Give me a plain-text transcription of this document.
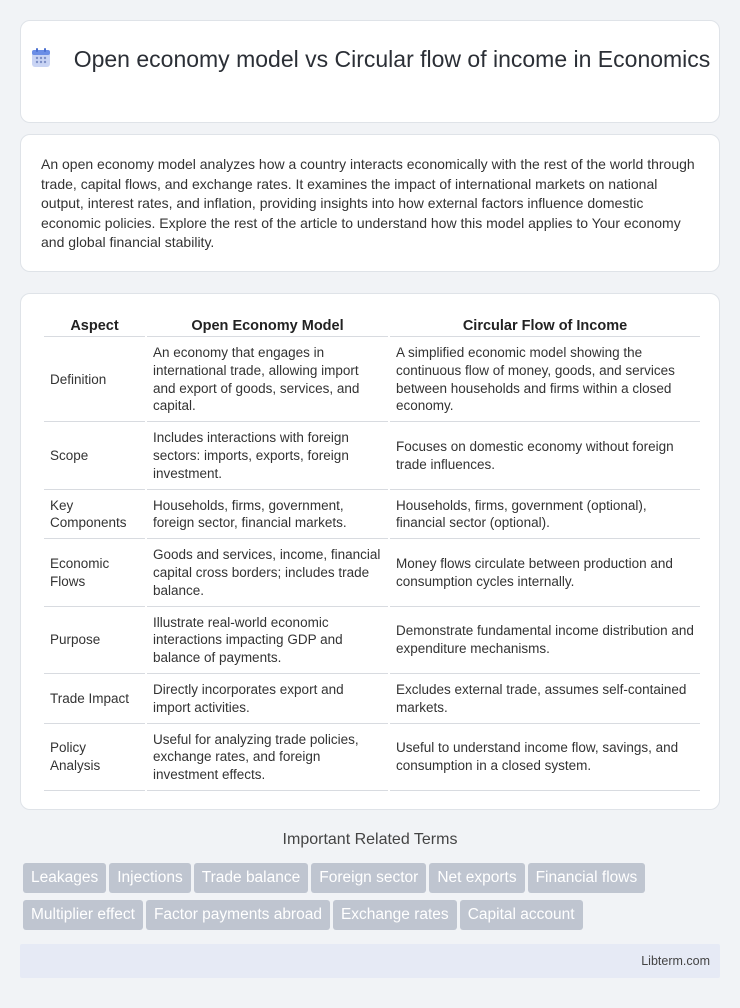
Open economy model vs Circular flow of income in Economics

An open economy model analyzes how a country interacts economically with the rest of the world through trade, capital flows, and exchange rates. It examines the impact of international markets on national output, interest rates, and inflation, providing insights into how external factors influence domestic economic policies. Explore the rest of the article to understand how this model applies to Your economy and global financial stability.

Aspect	Open Economy Model	Circular Flow of Income
Definition	An economy that engages in international trade, allowing import and export of goods, services, and capital.	A simplified economic model showing the continuous flow of money, goods, and services between households and firms within a closed economy.
Scope	Includes interactions with foreign sectors: imports, exports, foreign investment.	Focuses on domestic economy without foreign trade influences.
Key Components	Households, firms, government, foreign sector, financial markets.	Households, firms, government (optional), financial sector (optional).
Economic Flows	Goods and services, income, financial capital cross borders; includes trade balance.	Money flows circulate between production and consumption cycles internally.
Purpose	Illustrate real-world economic interactions impacting GDP and balance of payments.	Demonstrate fundamental income distribution and expenditure mechanisms.
Trade Impact	Directly incorporates export and import activities.	Excludes external trade, assumes self-contained markets.
Policy Analysis	Useful for analyzing trade policies, exchange rates, and foreign investment effects.	Useful to understand income flow, savings, and consumption in a closed system.
Important Related Terms
Leakages Injections Trade balance Foreign sector Net exports Financial flowsMultiplier effect Factor payments abroad Exchange rates Capital account
Libterm.com
